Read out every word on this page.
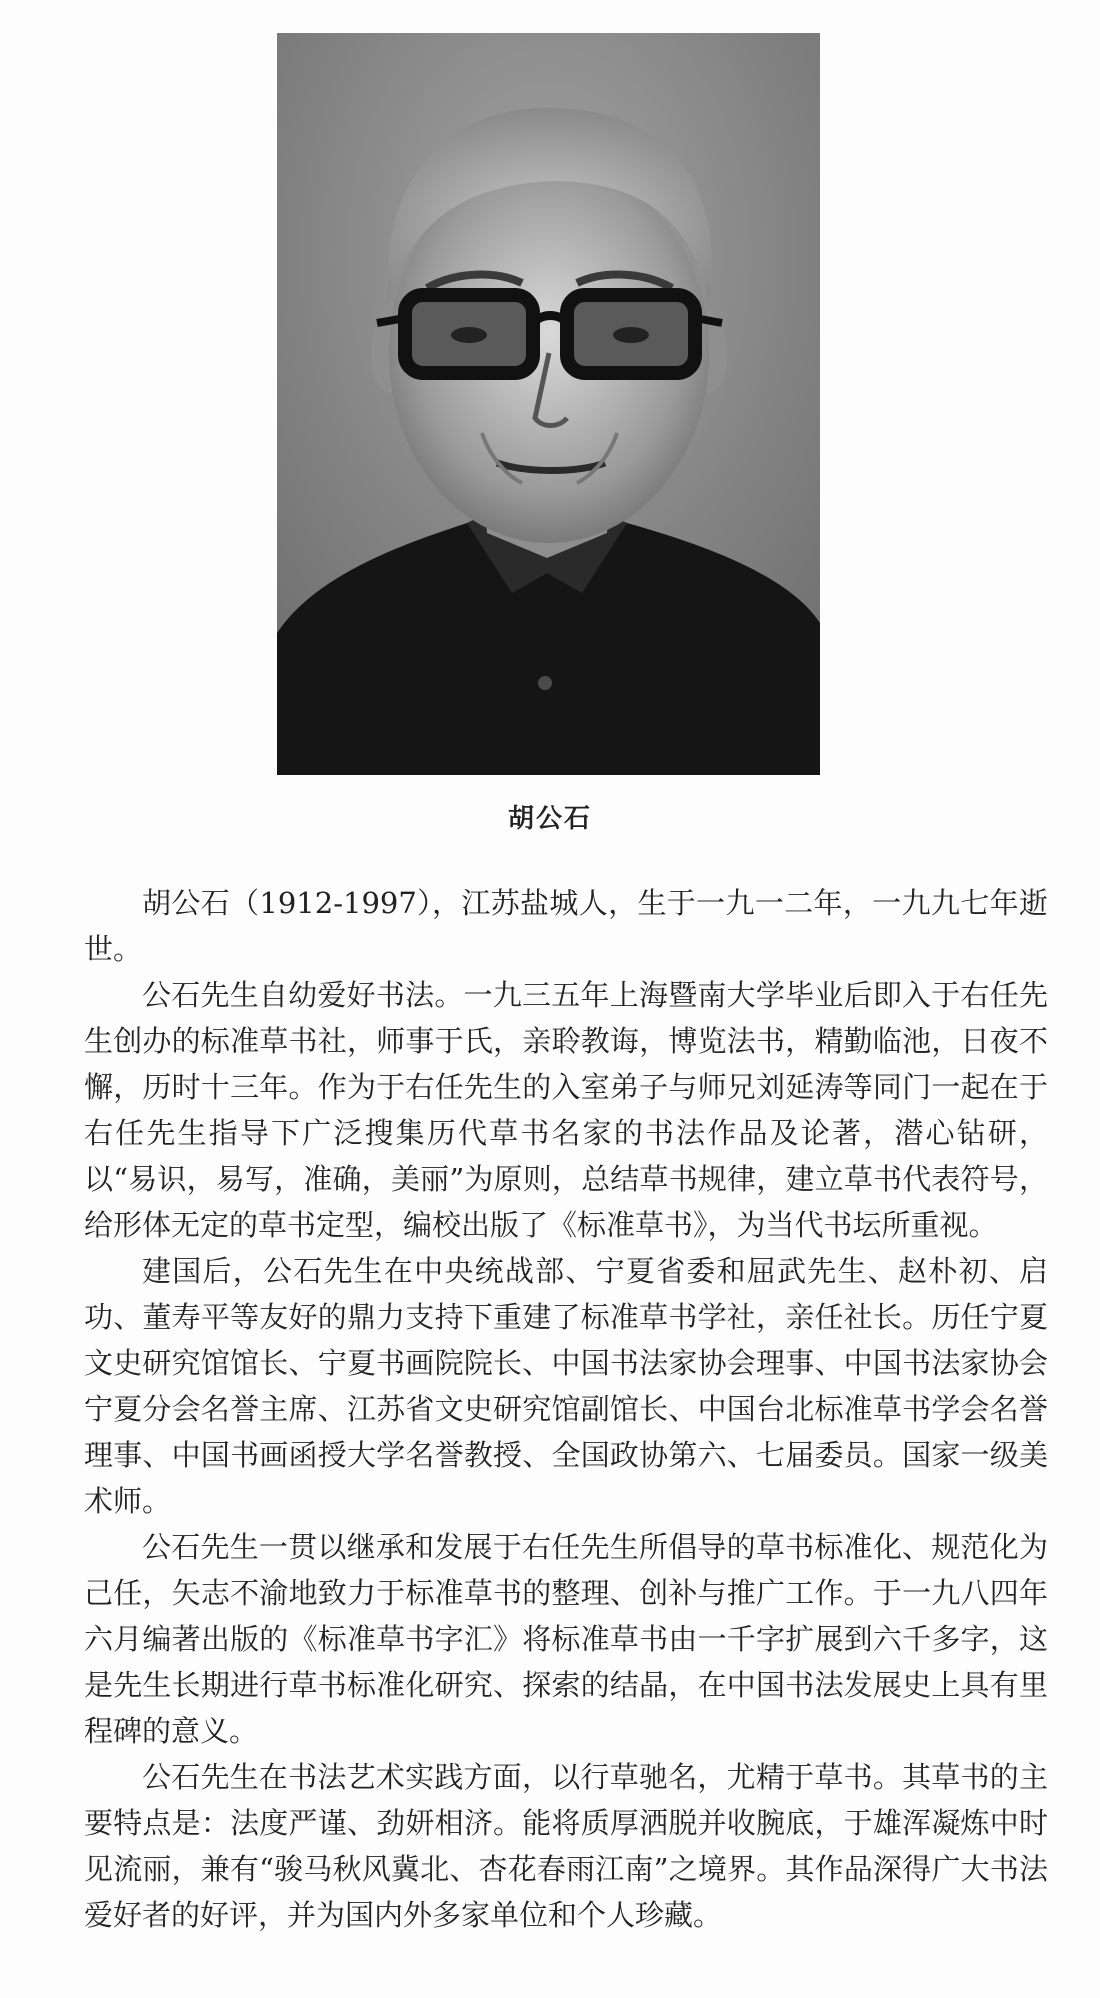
胡公石

胡公石（1912-1997），江苏盐城人，生于一九一二年，一九九七年逝世。

公石先生自幼爱好书法。一九三五年上海暨南大学毕业后即入于右任先生创办的标准草书社，师事于氏，亲聆教诲，博览法书，精勤临池，日夜不懈，历时十三年。作为于右任先生的入室弟子与师兄刘延涛等同门一起在于右任先生指导下广泛搜集历代草书名家的书法作品及论著，潜心钻研，以“易识，易写，准确，美丽”为原则，总结草书规律，建立草书代表符号，给形体无定的草书定型，编校出版了《标准草书》，为当代书坛所重视。

建国后，公石先生在中央统战部、宁夏省委和屈武先生、赵朴初、启功、董寿平等友好的鼎力支持下重建了标准草书学社，亲任社长。历任宁夏文史研究馆馆长、宁夏书画院院长、中国书法家协会理事、中国书法家协会宁夏分会名誉主席、江苏省文史研究馆副馆长、中国台北标准草书学会名誉理事、中国书画函授大学名誉教授、全国政协第六、七届委员。国家一级美术师。

公石先生一贯以继承和发展于右任先生所倡导的草书标准化、规范化为己任，矢志不渝地致力于标准草书的整理、创补与推广工作。于一九八四年六月编著出版的《标准草书字汇》将标准草书由一千字扩展到六千多字，这是先生长期进行草书标准化研究、探索的结晶，在中国书法发展史上具有里程碑的意义。

公石先生在书法艺术实践方面，以行草驰名，尤精于草书。其草书的主要特点是：法度严谨、劲妍相济。能将质厚洒脱并收腕底，于雄浑凝炼中时见流丽，兼有“骏马秋风冀北、杏花春雨江南”之境界。其作品深得广大书法爱好者的好评，并为国内外多家单位和个人珍藏。
